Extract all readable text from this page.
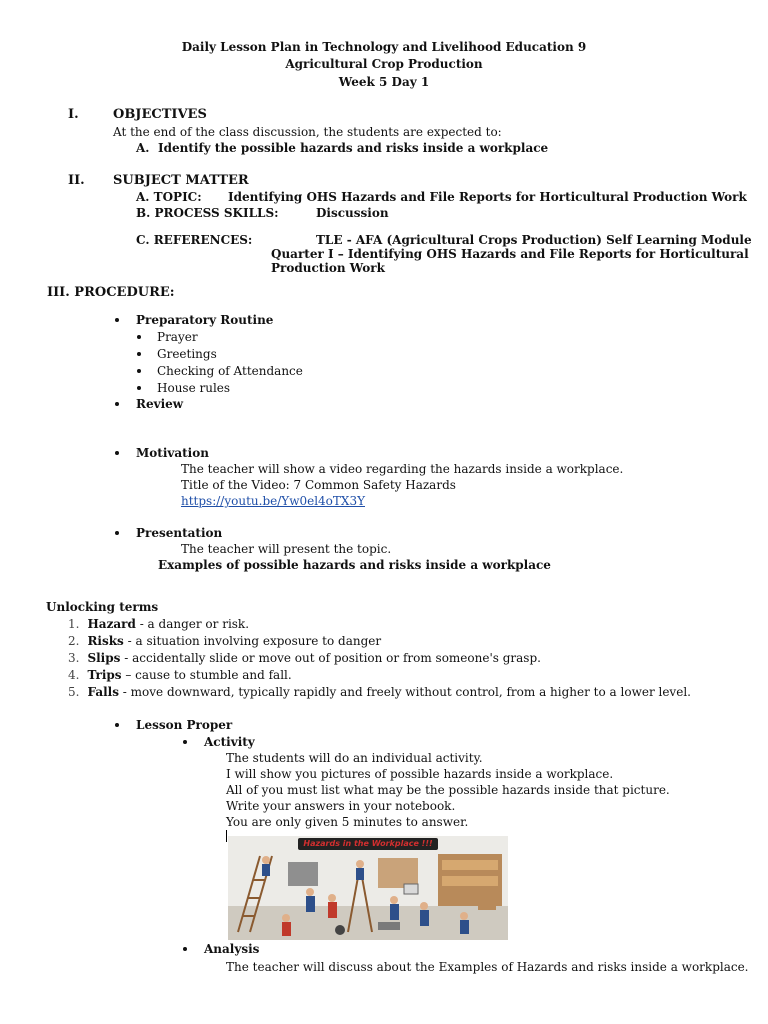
Daily Lesson Plan in Technology and Livelihood Education 9
Agricultural Crop Production
Week 5 Day 1
I.	OBJECTIVES
At the end of the class discussion, the students are expected to:
A. Identify the possible hazards and risks inside a workplace
II. SUBJECT MATTER
A. TOPIC: Identifying OHS Hazards and File Reports for Horticultural Production Work
B. PROCESS SKILLS:	Discussion
C. REFERENCES:	TLE - AFA (Agricultural Crops Production) Self Learning Module
Quarter I – Identifying OHS Hazards and File Reports for Horticultural
Production Work
III. PROCEDURE:
Preparatory Routine
Prayer
Greetings
Checking of Attendance
House rules
Review
Motivation
The teacher will show a video regarding the hazards inside a workplace.
Title of the Video: 7 Common Safety Hazards
https://youtu.be/Yw0el4oTX3Y
Presentation
The teacher will present the topic.
Examples of possible hazards and risks inside a workplace
Unlocking terms
1. Hazard - a danger or risk.
2. Risks - a situation involving exposure to danger
3. Slips - accidentally slide or move out of position or from someone's grasp.
4. Trips – cause to stumble and fall.
5. Falls - move downward, typically rapidly and freely without control, from a higher to a lower level.
Lesson Proper
Activity
The students will do an individual activity.
I will show you pictures of possible hazards inside a workplace.
All of you must list what may be the possible hazards inside that picture.
Write your answers in your notebook.
You are only given 5 minutes to answer.
Hazards in the Workplace !!!
Analysis
The teacher will discuss about the Examples of Hazards and risks inside a workplace.
